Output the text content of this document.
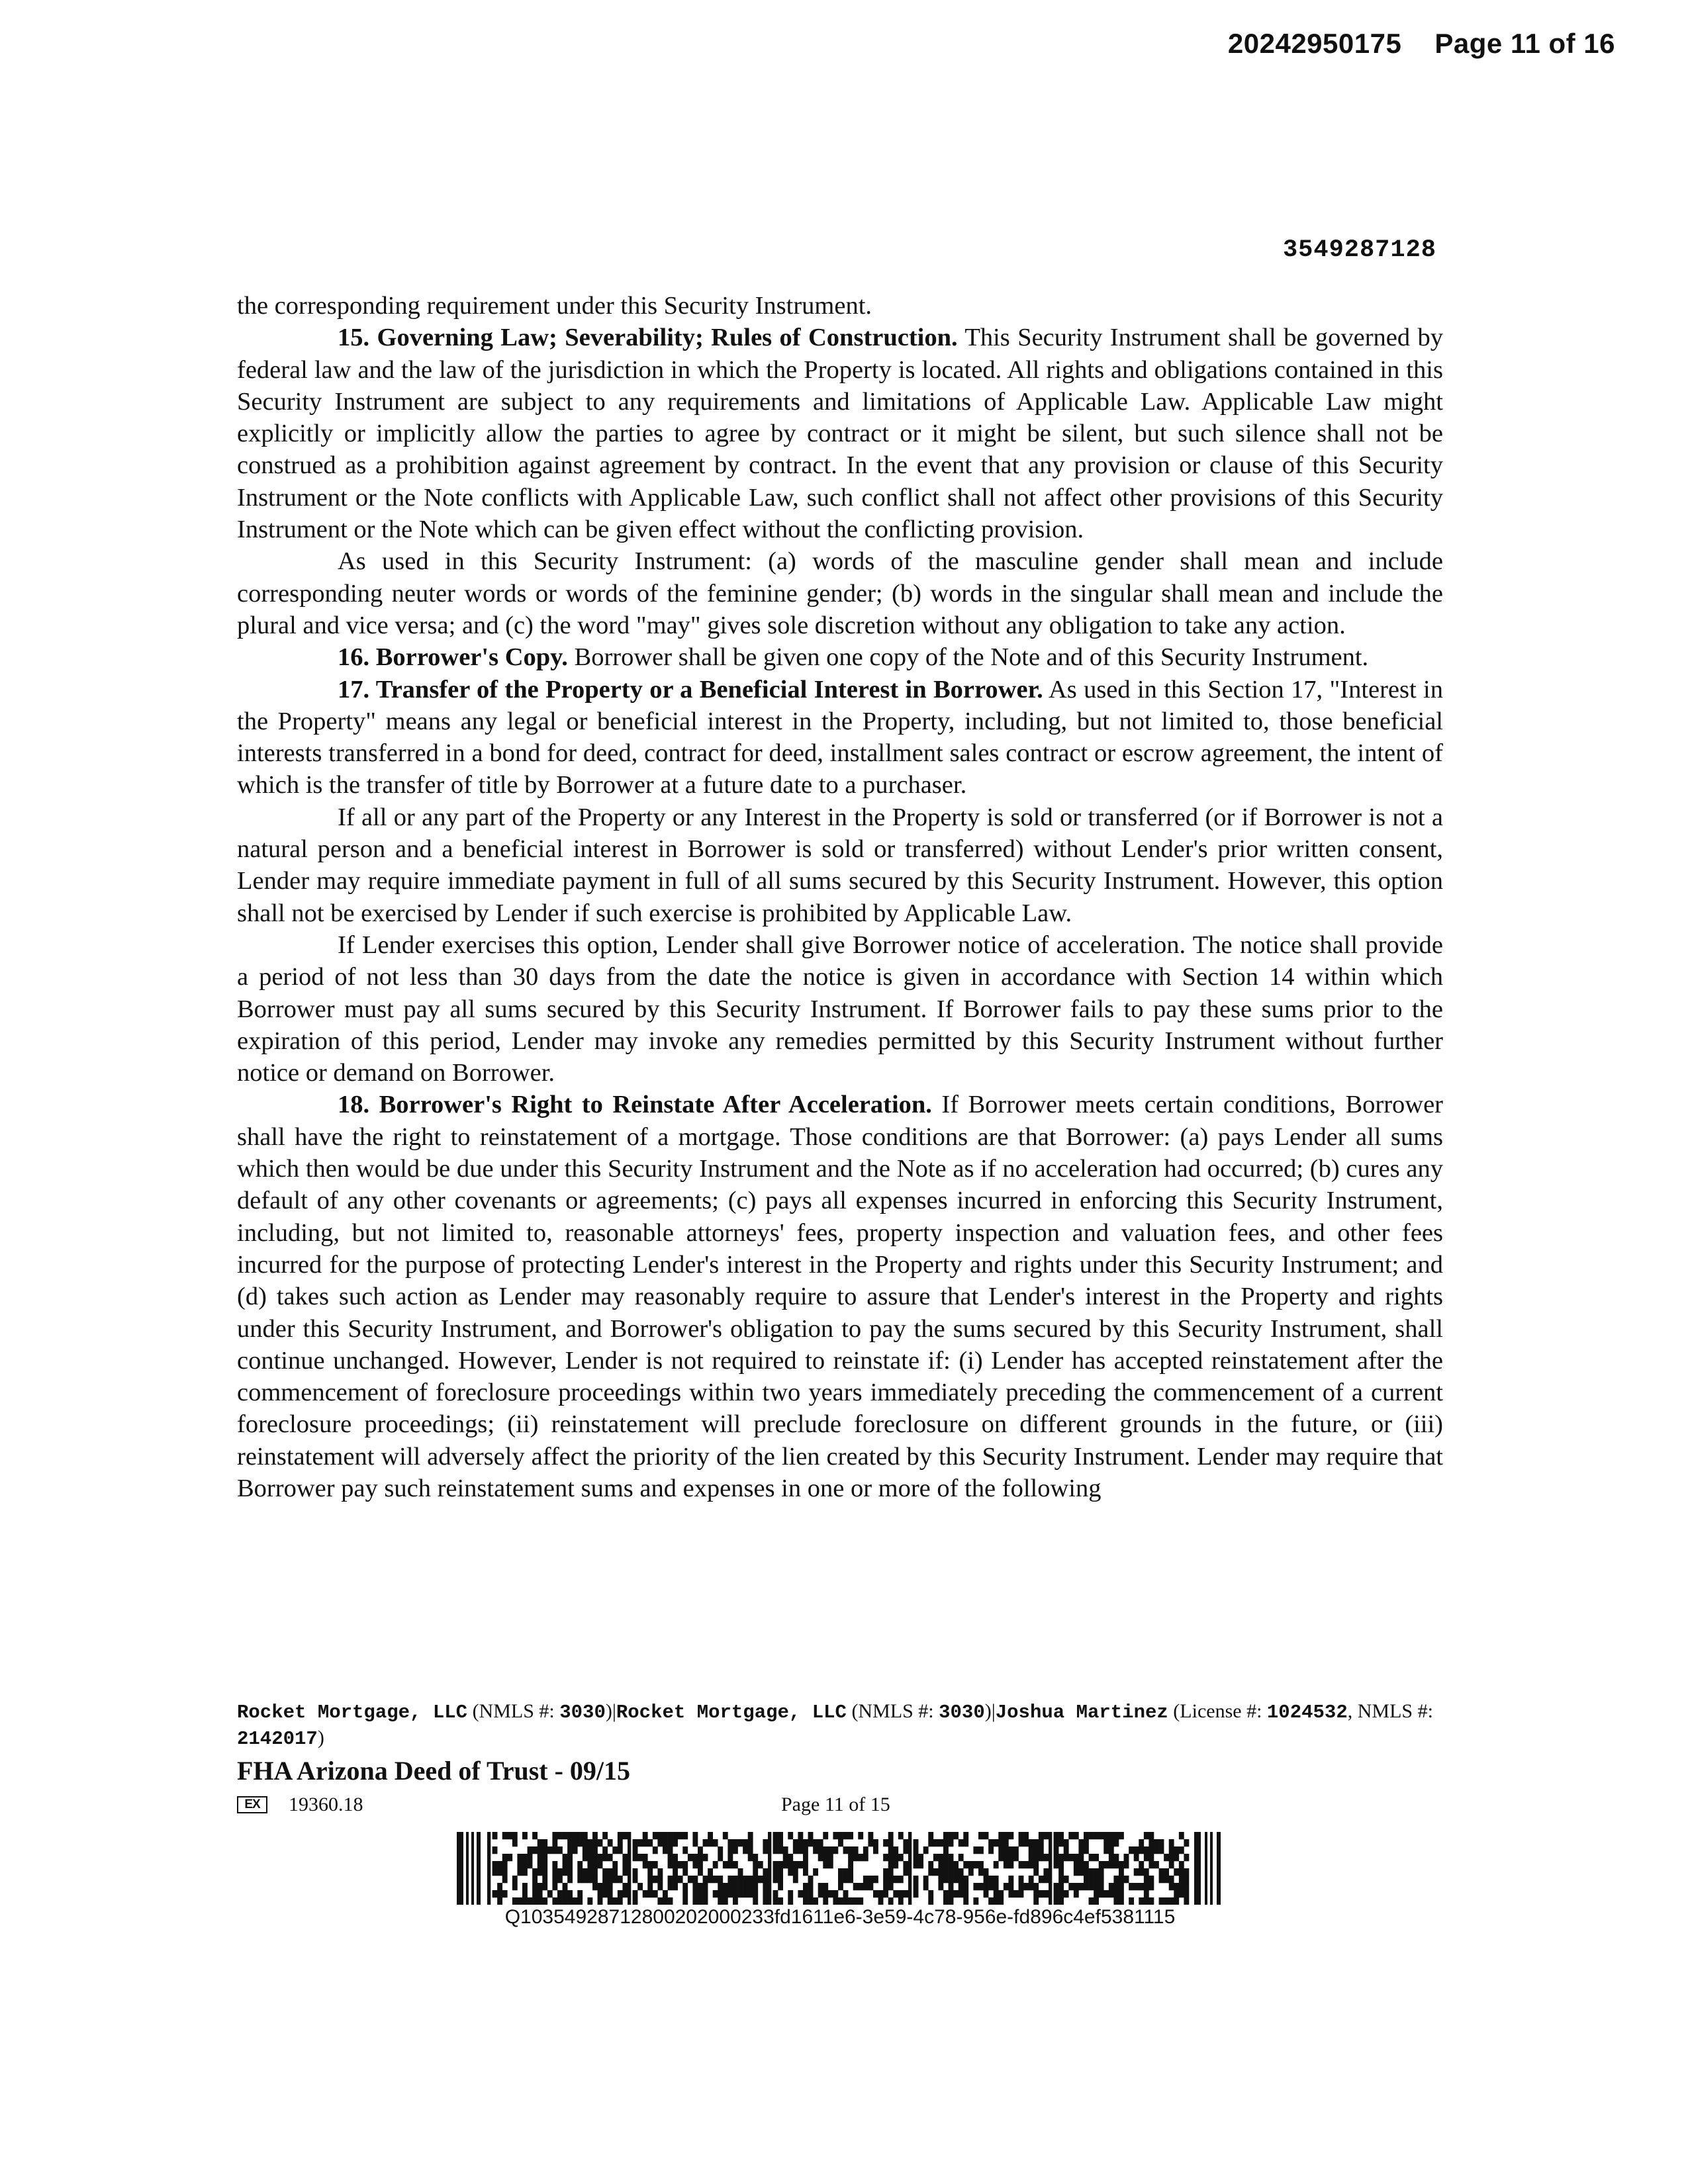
20242950175 Page 11 of 16
3549287128

the corresponding requirement under this Security Instrument.

15. Governing Law; Severability; Rules of Construction. This Security Instrument shall be governed by federal law and the law of the jurisdiction in which the Property is located. All rights and obligations contained in this Security Instrument are subject to any requirements and limitations of Applicable Law. Applicable Law might explicitly or implicitly allow the parties to agree by contract or it might be silent, but such silence shall not be construed as a prohibition against agreement by contract. In the event that any provision or clause of this Security Instrument or the Note conflicts with Applicable Law, such conflict shall not affect other provisions of this Security Instrument or the Note which can be given effect without the conflicting provision.

As used in this Security Instrument: (a) words of the masculine gender shall mean and include corresponding neuter words or words of the feminine gender; (b) words in the singular shall mean and include the plural and vice versa; and (c) the word "may" gives sole discretion without any obligation to take any action.

16. Borrower's Copy. Borrower shall be given one copy of the Note and of this Security Instrument.

17. Transfer of the Property or a Beneficial Interest in Borrower. As used in this Section 17, "Interest in the Property" means any legal or beneficial interest in the Property, including, but not limited to, those beneficial interests transferred in a bond for deed, contract for deed, installment sales contract or escrow agreement, the intent of which is the transfer of title by Borrower at a future date to a purchaser.

If all or any part of the Property or any Interest in the Property is sold or transferred (or if Borrower is not a natural person and a beneficial interest in Borrower is sold or transferred) without Lender's prior written consent, Lender may require immediate payment in full of all sums secured by this Security Instrument. However, this option shall not be exercised by Lender if such exercise is prohibited by Applicable Law.

If Lender exercises this option, Lender shall give Borrower notice of acceleration. The notice shall provide a period of not less than 30 days from the date the notice is given in accordance with Section 14 within which Borrower must pay all sums secured by this Security Instrument. If Borrower fails to pay these sums prior to the expiration of this period, Lender may invoke any remedies permitted by this Security Instrument without further notice or demand on Borrower.

18. Borrower's Right to Reinstate After Acceleration. If Borrower meets certain conditions, Borrower shall have the right to reinstatement of a mortgage. Those conditions are that Borrower: (a) pays Lender all sums which then would be due under this Security Instrument and the Note as if no acceleration had occurred; (b) cures any default of any other covenants or agreements; (c) pays all expenses incurred in enforcing this Security Instrument, including, but not limited to, reasonable attorneys' fees, property inspection and valuation fees, and other fees incurred for the purpose of protecting Lender's interest in the Property and rights under this Security Instrument; and (d) takes such action as Lender may reasonably require to assure that Lender's interest in the Property and rights under this Security Instrument, and Borrower's obligation to pay the sums secured by this Security Instrument, shall continue unchanged. However, Lender is not required to reinstate if: (i) Lender has accepted reinstatement after the commencement of foreclosure proceedings within two years immediately preceding the commencement of a current foreclosure proceedings; (ii) reinstatement will preclude foreclosure on different grounds in the future, or (iii) reinstatement will adversely affect the priority of the lien created by this Security Instrument. Lender may require that Borrower pay such reinstatement sums and expenses in one or more of the following

Rocket Mortgage, LLC (NMLS #: 3030)|Rocket Mortgage, LLC (NMLS #: 3030)|Joshua Martinez (License #: 1024532, NMLS #: 2142017)
FHA Arizona Deed of Trust - 09/15
EX	19360.18	Page 11 of 15
Q10354928712800202000233fd1611e6-3e59-4c78-956e-fd896c4ef5381115
